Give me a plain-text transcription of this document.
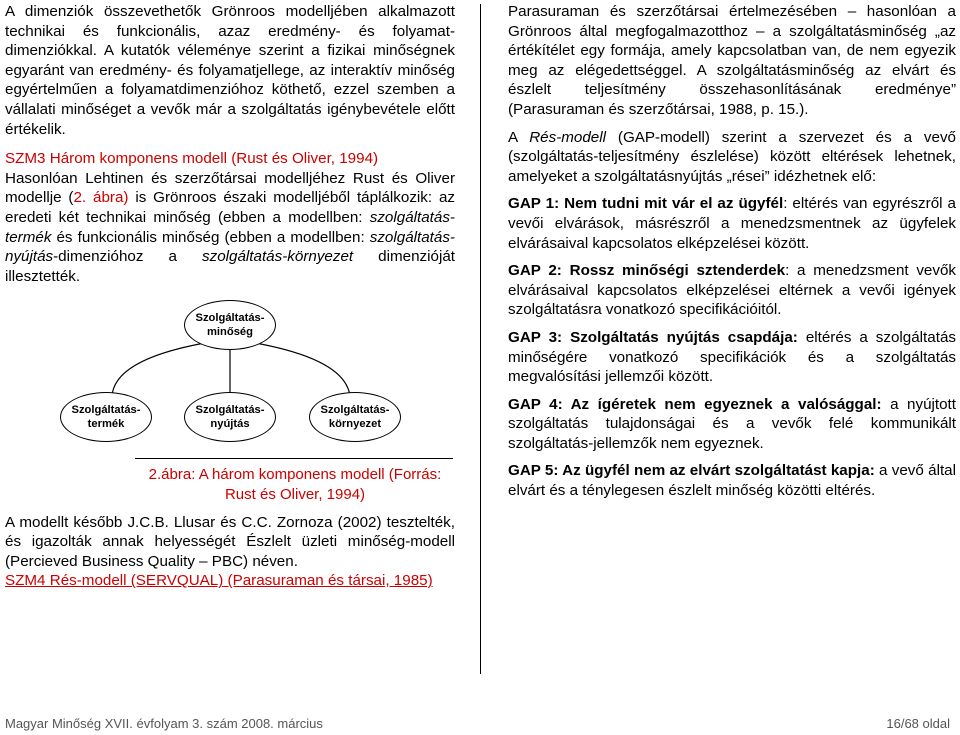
A dimenziók összevethetők Grönroos modelljében alkalmazott technikai és funkcionális, azaz eredmény- és folyamat-dimenziókkal. A kutatók véleménye szerint a fizikai minőségnek egyaránt van eredmény- és folyamatjellege, az interaktív minőség egyértelműen a folyamatdimenzióhoz köthető, ezzel szemben a vállalati minőséget a vevők már a szolgáltatás igénybevétele előtt értékelik.

SZM3 Három komponens modell (Rust és Oliver, 1994)

Hasonlóan Lehtinen és szerzőtársai modelljéhez Rust és Oliver modellje (2. ábra) is Grönroos északi modelljéből táplálkozik: az eredeti két technikai minőség (ebben a modellben: szolgáltatás-termék és funkcionális minőség (ebben a modellben: szolgáltatás-nyújtás-dimenzióhoz a szolgáltatás-környezet dimenzióját illesztették.

Szolgáltatás-
minőség
Szolgáltatás-
termék
Szolgáltatás-
nyújtás
Szolgáltatás-
környezet

2.ábra: A három komponens modell (Forrás: Rust és Oliver, 1994)

A modellt később J.C.B. Llusar és C.C. Zornoza (2002) tesztelték, és igazolták annak helyességét Észlelt üzleti minőség-modell (Percieved Business Quality – PBC) néven.

SZM4 Rés-modell (SERVQUAL) (Parasuraman és társai, 1985)

Parasuraman és szerzőtársai értelmezésében – hasonlóan a Grönroos által megfogalmazotthoz – a szolgáltatásminőség „az értékítélet egy formája, amely kapcsolatban van, de nem egyezik meg az elégedettséggel. A szolgáltatásminőség az elvárt és észlelt teljesítmény összehasonlításának eredménye” (Parasuraman és szerzőtársai, 1988, p. 15.).

A Rés-modell (GAP-modell) szerint a szervezet és a vevő (szolgáltatás-teljesítmény észlelése) között eltérések lehetnek, amelyeket a szolgáltatásnyújtás „rései” idézhetnek elő:

GAP 1: Nem tudni mit vár el az ügyfél: eltérés van egyrészről a vevői elvárások, másrészről a menedzsmentnek az ügyfelek elvárásaival kapcsolatos elképzelései között.

GAP 2: Rossz minőségi sztenderdek: a menedzsment vevők elvárásaival kapcsolatos elképzelései eltérnek a vevői igények szolgáltatásra vonatkozó specifikációitól.

GAP 3: Szolgáltatás nyújtás csapdája: eltérés a szolgáltatás minőségére vonatkozó specifikációk és a szolgáltatás megvalósítási jellemzői között.

GAP 4: Az ígéretek nem egyeznek a valósággal: a nyújtott szolgáltatás tulajdonságai és a vevők felé kommunikált szolgáltatás-jellemzők nem egyeznek.

GAP 5: Az ügyfél nem az elvárt szolgáltatást kapja: a vevő által elvárt és a ténylegesen észlelt minőség közötti eltérés.

Magyar Minőség XVII. évfolyam 3. szám 2008. március	16/68 oldal
